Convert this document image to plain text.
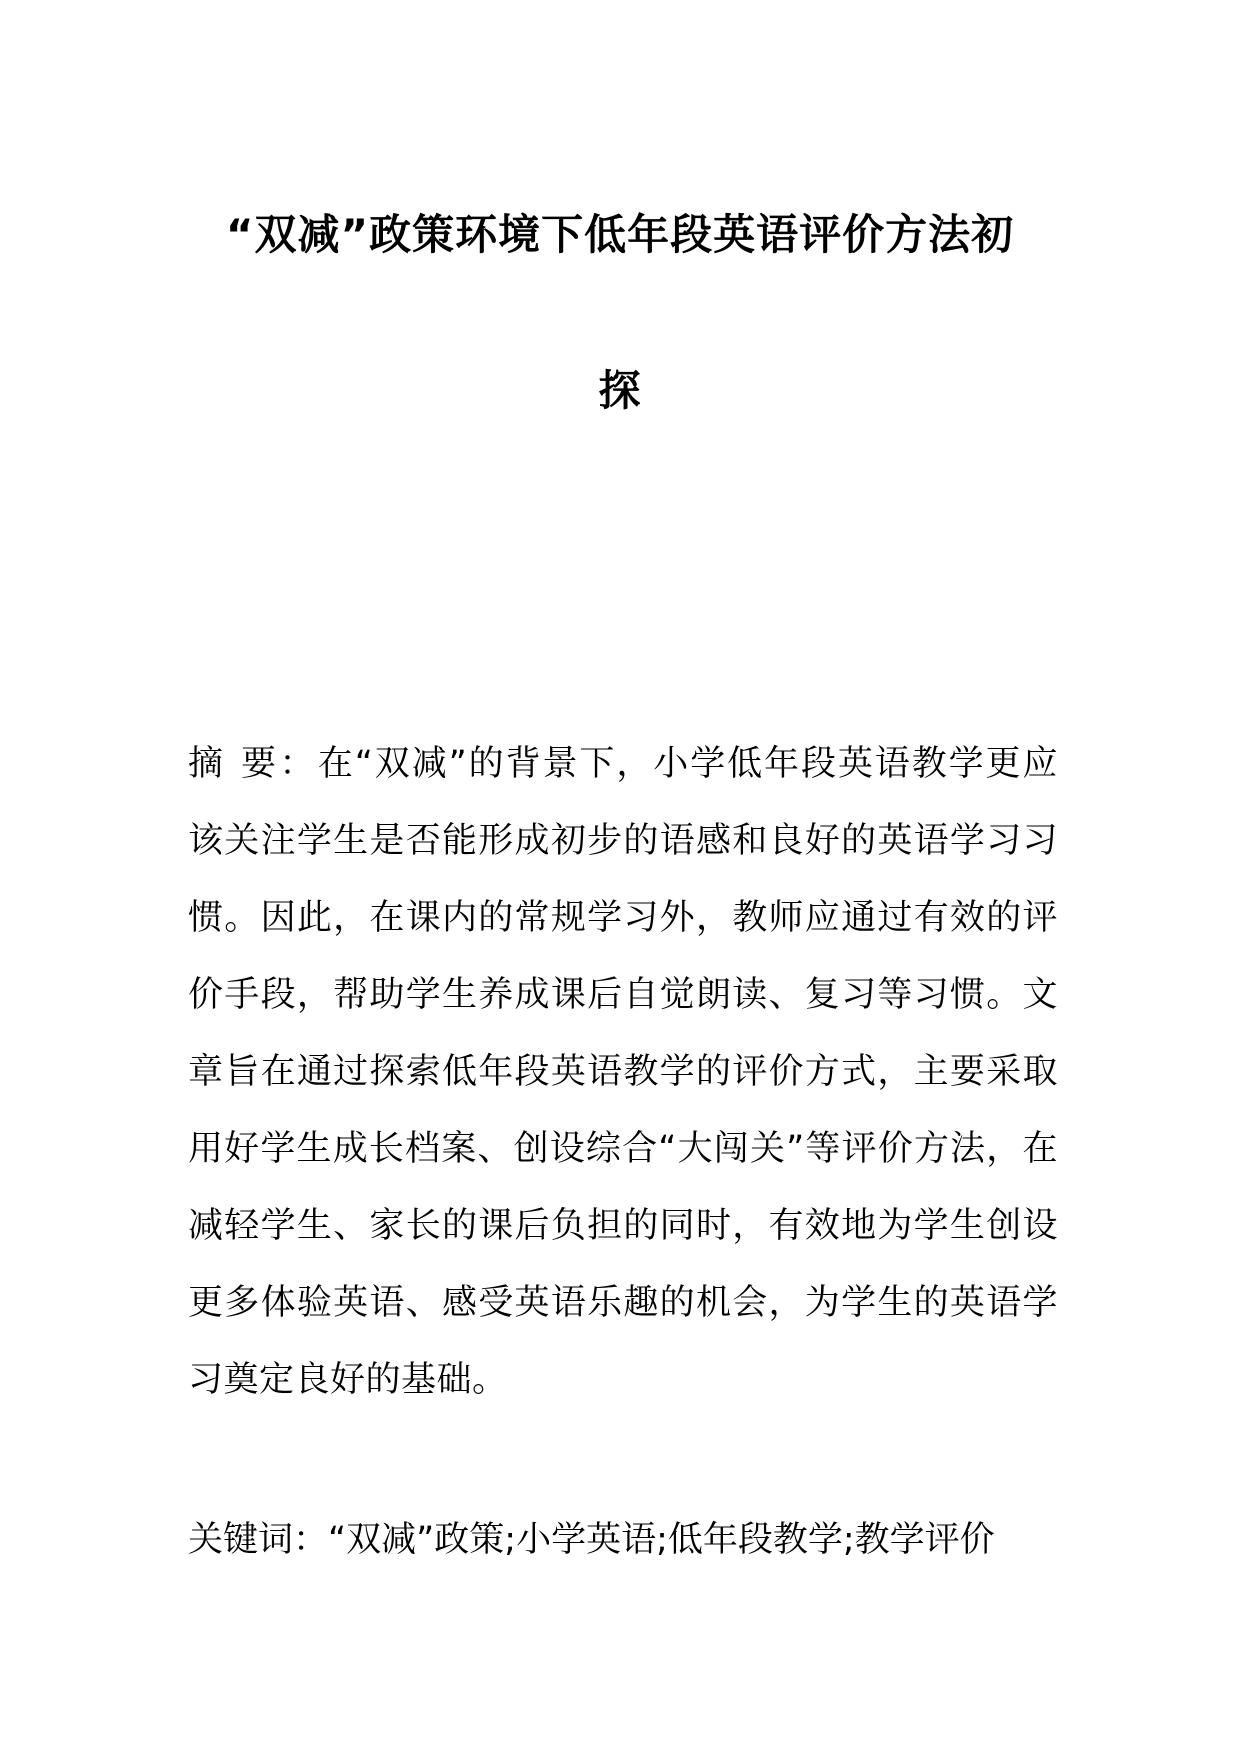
“双减”政策环境下低年段英语评价方法初
探
摘 要：在“双减”的背景下，小学低年段英语教学更应该关注学生是否能形成初步的语感和良好的英语学习习惯。因此，在课内的常规学习外，教师应通过有效的评价手段，帮助学生养成课后自觉朗读、复习等习惯。文章旨在通过探索低年段英语教学的评价方式，主要采取用好学生成长档案、创设综合“大闯关”等评价方法，在减轻学生、家长的课后负担的同时，有效地为学生创设更多体验英语、感受英语乐趣的机会，为学生的英语学习奠定良好的基础。
关键词：“双减”政策;小学英语;低年段教学;教学评价
